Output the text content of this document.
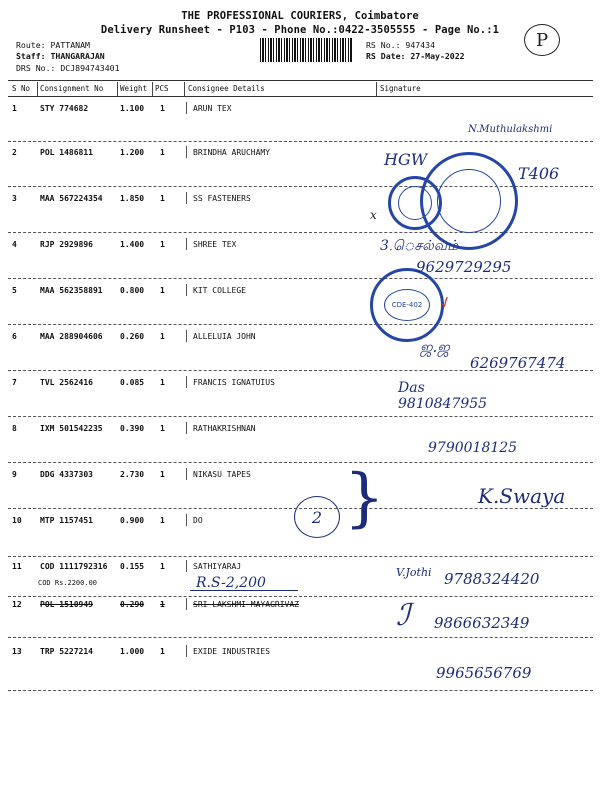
THE PROFESSIONAL COURIERS, Coimbatore
Delivery Runsheet - P103 - Phone No.:0422-3505555 - Page No.:1	P
Route: PATTANAM
Staff: THANGARAJAN
DRS No.: DCJ894743401
RS No.: 947434
RS Date: 27-May-2022
S No Consignment No Weight PCS	Consignee Details	Signature
1	STY 774682	1.100 1	ARUN TEX
2	POL 1486811	1.200 1	BRINDHA ARUCHAMY
3	MAA 567224354 1.850 1	SS FASTENERS
4	RJP 2929896	1.400 1	SHREE TEX
5	MAA 562358891 0.800 1	KIT COLLEGE
6	MAA 288904606 0.260 1	ALLELUIA JOHN
7	TVL 2562416	0.085 1	FRANCIS IGNATUIUS
8	IXM 501542235 0.390 1	RATHAKRISHNAN
9	DDG 4337303	2.730 1	NIKASU TAPES
10 MTP 1157451	0.900 1	DO
11 COD 1111792316 0.155 1	SATHIYARAJ
12 POL 1510949	0.290 1	SRI LAKSHMI MAYAGRIVAZ
13 TRP 5227214	1.000 1	EXIDE INDUSTRIES
COD Rs.2200.00
CDE-402 ✓
N.Muthulakshmi
HGW
T406
x
3.ெசல்வம்
9629729295
ஜ.ஜ
6269767474
Das
9810847955
9790018125
K.Swaya
2 }
V.Jothi 9788324420
R.S-2,200
ℐ 9866632349
9965656769
